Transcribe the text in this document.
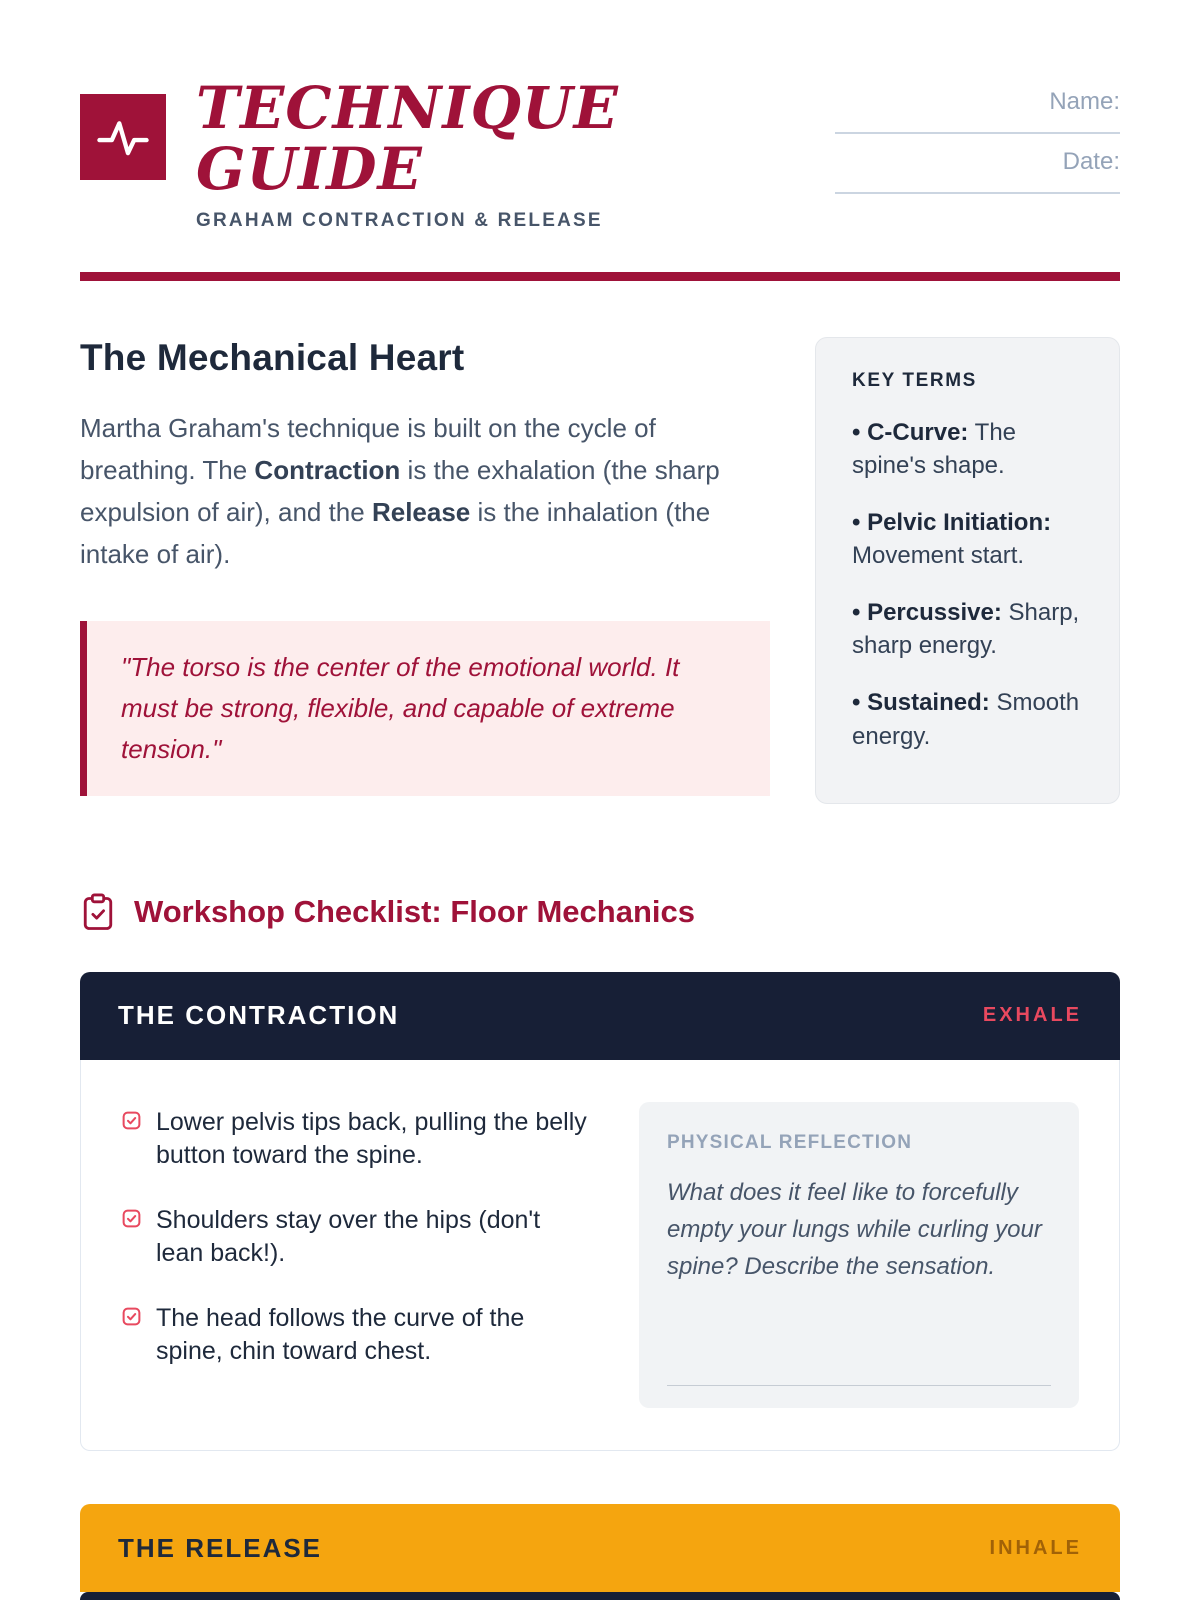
TECHNIQUE
GUIDE
GRAHAM CONTRACTION & RELEASE
Name:
Date:
The Mechanical Heart

Martha Graham's technique is built on the cycle of breathing. The Contraction is the exhalation (the sharp expulsion of air), and the Release is the inhalation (the intake of air).

"The torso is the center of the emotional world. It must be strong, flexible, and capable of extreme tension."
KEY TERMS
• C-Curve: The spine's shape.
• Pelvic Initiation: Movement start.
• Percussive: Sharp, sharp energy.
• Sustained: Smooth energy.
Workshop Checklist: Floor Mechanics
THE CONTRACTION	EXHALE
Lower pelvis tips back, pulling the belly button toward the spine.
Shoulders stay over the hips (don't lean back!).
The head follows the curve of the spine, chin toward chest.
PHYSICAL REFLECTION

What does it feel like to forcefully empty your lungs while curling your spine? Describe the sensation.

THE RELEASE	INHALE
